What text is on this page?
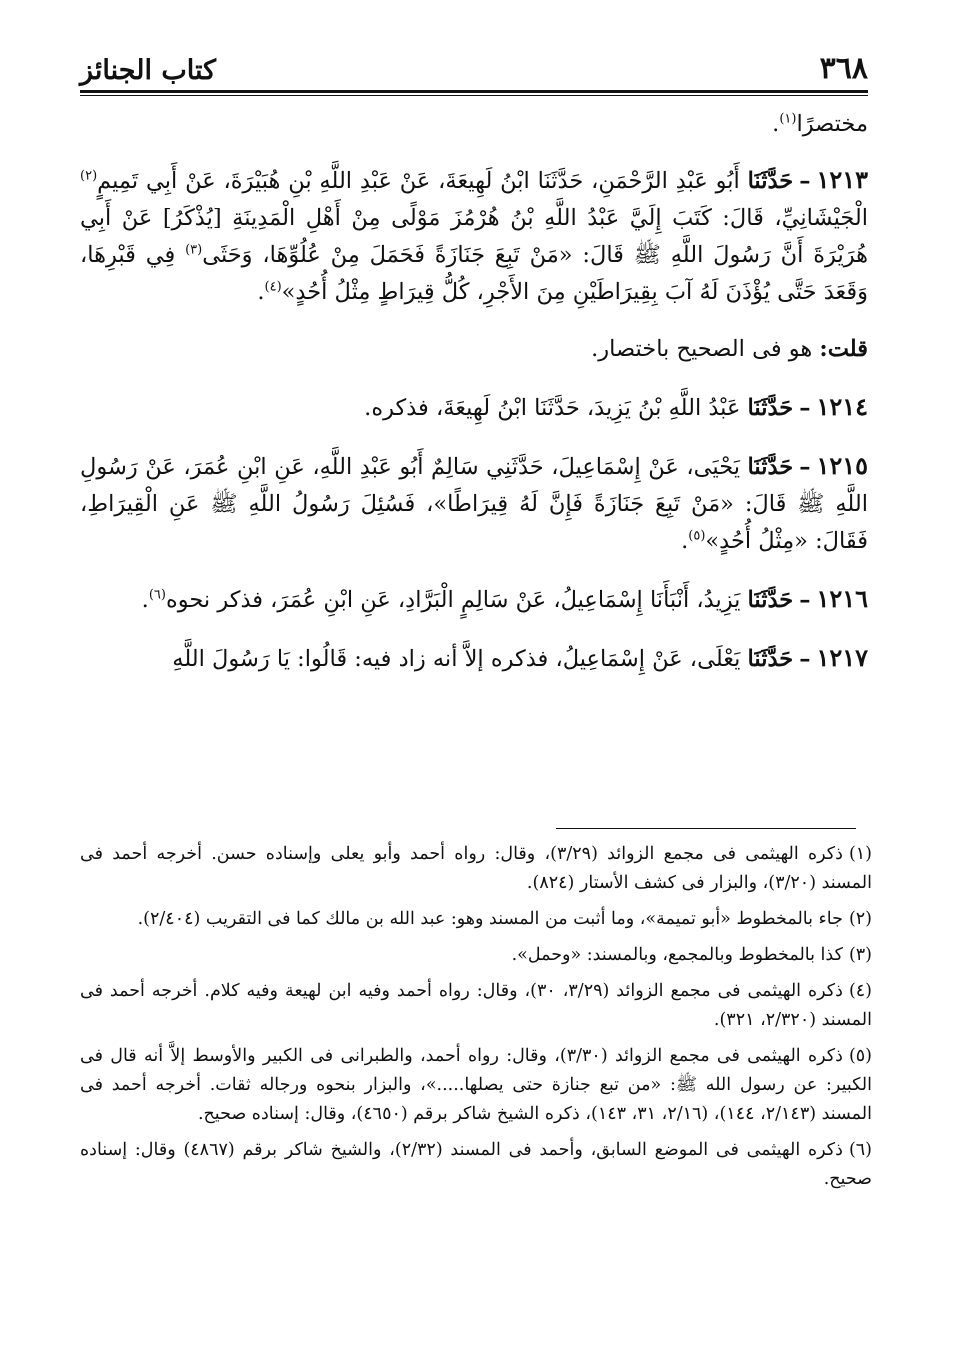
كتاب الجنائز	٣٦٨

مختصرًا$^{(١)}$.

١٢١٣–حَدَّثَنَا أَبُو عَبْدِ الرَّحْمَنِ، حَدَّثَنَا ابْنُ لَهِيعَةَ، عَنْ عَبْدِ اللَّهِ بْنِ هُبَيْرَةَ، عَنْ أَبِي تَمِيمٍ$^{(٢)}$ الْجَيْشَانِيِّ، قَالَ: كَتَبَ إِلَيَّ عَبْدُ اللَّهِ بْنُ هُرْمُزَ مَوْلًى مِنْ أَهْلِ الْمَدِينَةِ [يُذْكَرُ] عَنْ أَبِي هُرَيْرَةَ أَنَّ رَسُولَ اللَّهِ ﷺ قَالَ: «مَنْ تَبِعَ جَنَازَةً فَحَمَلَ مِنْ عُلُوِّهَا، وَحَثَى$^{(٣)}$ فِي قَبْرِهَا، وَقَعَدَ حَتَّى يُؤْذَنَ لَهُ آبَ بِقِيرَاطَيْنِ مِنَ الأَجْرِ، كُلُّ قِيرَاطٍ مِثْلُ أُحُدٍ»$^{(٤)}$.

قلت: هو فى الصحيح باختصار.

١٢١٤–حَدَّثَنَا عَبْدُ اللَّهِ بْنُ يَزِيدَ، حَدَّثَنَا ابْنُ لَهِيعَةَ، فذكره.

١٢١٥–حَدَّثَنَا يَحْيَى، عَنْ إِسْمَاعِيلَ، حَدَّثَنِي سَالِمٌ أَبُو عَبْدِ اللَّهِ، عَنِ ابْنِ عُمَرَ، عَنْ رَسُولِ اللَّهِ ﷺ قَالَ: «مَنْ تَبِعَ جَنَازَةً فَإِنَّ لَهُ قِيرَاطًا»، فَسُئِلَ رَسُولُ اللَّهِ ﷺ عَنِ الْقِيرَاطِ، فَقَالَ: «مِثْلُ أُحُدٍ»$^{(٥)}$.

١٢١٦–حَدَّثَنَا يَزِيدُ، أَنْبَأَنَا إِسْمَاعِيلُ، عَنْ سَالِمٍ الْبَرَّادِ، عَنِ ابْنِ عُمَرَ، فذكر نحوه$^{(٦)}$.

١٢١٧–حَدَّثَنَا يَعْلَى، عَنْ إِسْمَاعِيلُ، فذكره إلاَّ أنه زاد فيه: قَالُوا: يَا رَسُولَ اللَّهِ

(١)ذكره الهيثمى فى مجمع الزوائد (٣/٢٩)، وقال: رواه أحمد وأبو يعلى وإسناده حسن. أخرجه أحمد فى المسند (٣/٢٠)، والبزار فى كشف الأستار (٨٢٤).

(٢)جاء بالمخطوط «أبو تميمة»، وما أثبت من المسند وهو: عبد الله بن مالك كما فى التقريب (٢/٤٠٤).

(٣)كذا بالمخطوط وبالمجمع، وبالمسند: «وحمل».

(٤)ذكره الهيثمى فى مجمع الزوائد (٣/٢٩، ٣٠)، وقال: رواه أحمد وفيه ابن لهيعة وفيه كلام. أخرجه أحمد فى المسند (٢/٣٢٠، ٣٢١).

(٥)ذكره الهيثمى فى مجمع الزوائد (٣/٣٠)، وقال: رواه أحمد، والطبرانى فى الكبير والأوسط إلاَّ أنه قال فى الكبير: عن رسول الله ﷺ: «من تبع جنازة حتى يصلها.....»، والبزار بنحوه ورجاله ثقات. أخرجه أحمد فى المسند (٢/١٤٣، ١٤٤)، (٢/١٦، ٣١، ١٤٣)، ذكره الشيخ شاكر برقم (٤٦٥٠)، وقال: إسناده صحيح.

(٦)ذكره الهيثمى فى الموضع السابق، وأحمد فى المسند (٢/٣٢)، والشيخ شاكر برقم (٤٨٦٧) وقال: إسناده صحيح.
